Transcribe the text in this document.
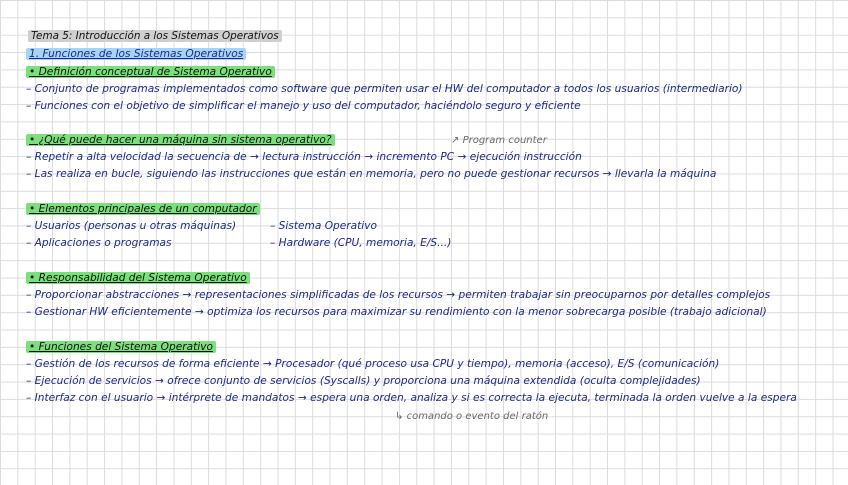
Tema 5: Introducción a los Sistemas Operativos
1. Funciones de los Sistemas Operativos
• Definición conceptual de Sistema Operativo
– Conjunto de programas implementados como software que permiten usar el HW del computador a todos los usuarios (intermediario)
– Funciones con el objetivo de simplificar el manejo y uso del computador, haciéndolo seguro y eficiente
• ¿Qué puede hacer una máquina sin sistema operativo?	↗ Program counter
– Repetir a alta velocidad la secuencia de → lectura instrucción → incremento PC → ejecución instrucción
– Las realiza en bucle, siguiendo las instrucciones que están en memoria, pero no puede gestionar recursos → llevarla la máquina
• Elementos principales de un computador
– Usuarios (personas u otras máquinas)
– Aplicaciones o programas
– Sistema Operativo
– Hardware (CPU, memoria, E/S...)
• Responsabilidad del Sistema Operativo
– Proporcionar abstracciones → representaciones simplificadas de los recursos → permiten trabajar sin preocuparnos por detalles complejos
– Gestionar HW eficientemente → optimiza los recursos para maximizar su rendimiento con la menor sobrecarga posible (trabajo adicional)
• Funciones del Sistema Operativo
– Gestión de los recursos de forma eficiente → Procesador (qué proceso usa CPU y tiempo), memoria (acceso), E/S (comunicación)
– Ejecución de servicios → ofrece conjunto de servicios (Syscalls) y proporciona una máquina extendida (oculta complejidades)
– Interfaz con el usuario → intérprete de mandatos → espera una orden, analiza y si es correcta la ejecuta, terminada la orden vuelve a la espera
↳ comando o evento del ratón
